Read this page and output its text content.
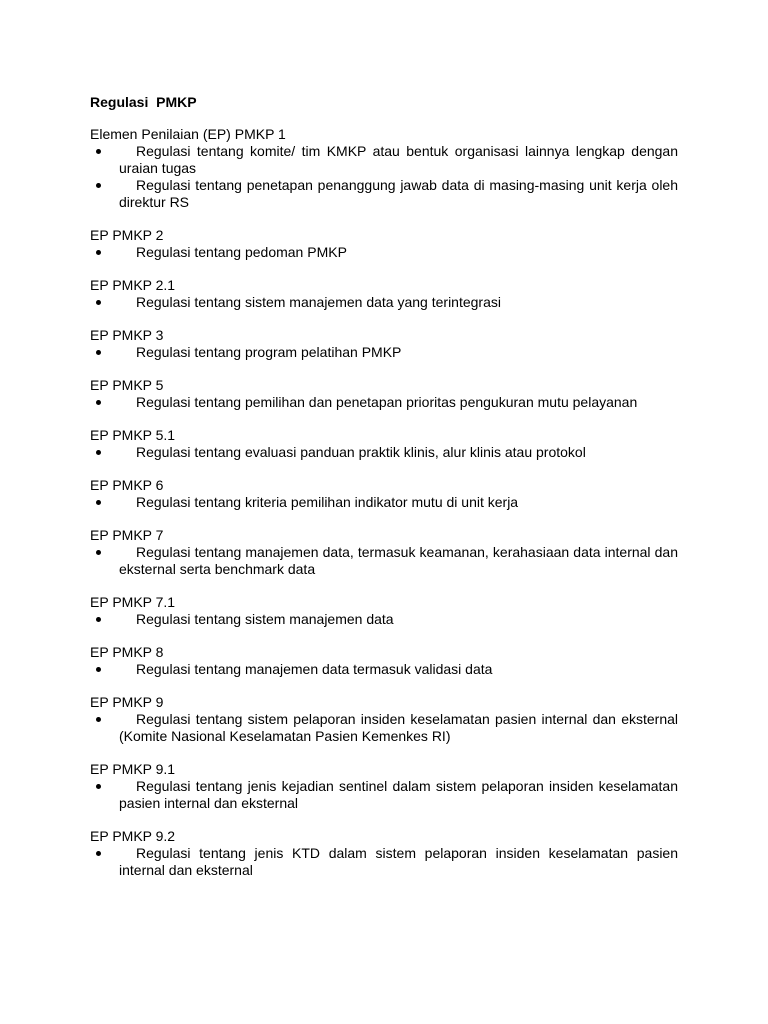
Regulasi  PMKP
Elemen Penilaian (EP) PMKP 1
Regulasi tentang komite/ tim KMKP atau bentuk organisasi lainnya lengkap dengan uraian tugas
Regulasi tentang penetapan penanggung jawab data di masing-masing unit kerja oleh direktur RS
EP PMKP 2
Regulasi tentang pedoman PMKP
EP PMKP 2.1
Regulasi tentang sistem manajemen data yang terintegrasi
EP PMKP 3
Regulasi tentang program pelatihan PMKP
EP PMKP 5
Regulasi tentang pemilihan dan penetapan prioritas pengukuran mutu pelayanan
EP PMKP 5.1
Regulasi tentang evaluasi panduan praktik klinis, alur klinis atau protokol
EP PMKP 6
Regulasi tentang kriteria pemilihan indikator mutu di unit kerja
EP PMKP 7
Regulasi tentang manajemen data, termasuk keamanan, kerahasiaan data internal dan eksternal serta benchmark data
EP PMKP 7.1
Regulasi tentang sistem manajemen data
EP PMKP 8
Regulasi tentang manajemen data termasuk validasi data
EP PMKP 9
Regulasi tentang sistem pelaporan insiden keselamatan pasien internal dan eksternal (Komite Nasional Keselamatan Pasien Kemenkes RI)
EP PMKP 9.1
Regulasi tentang jenis kejadian sentinel dalam sistem pelaporan insiden keselamatan pasien internal dan eksternal
EP PMKP 9.2
Regulasi tentang jenis KTD dalam sistem pelaporan insiden keselamatan pasien internal dan eksternal
